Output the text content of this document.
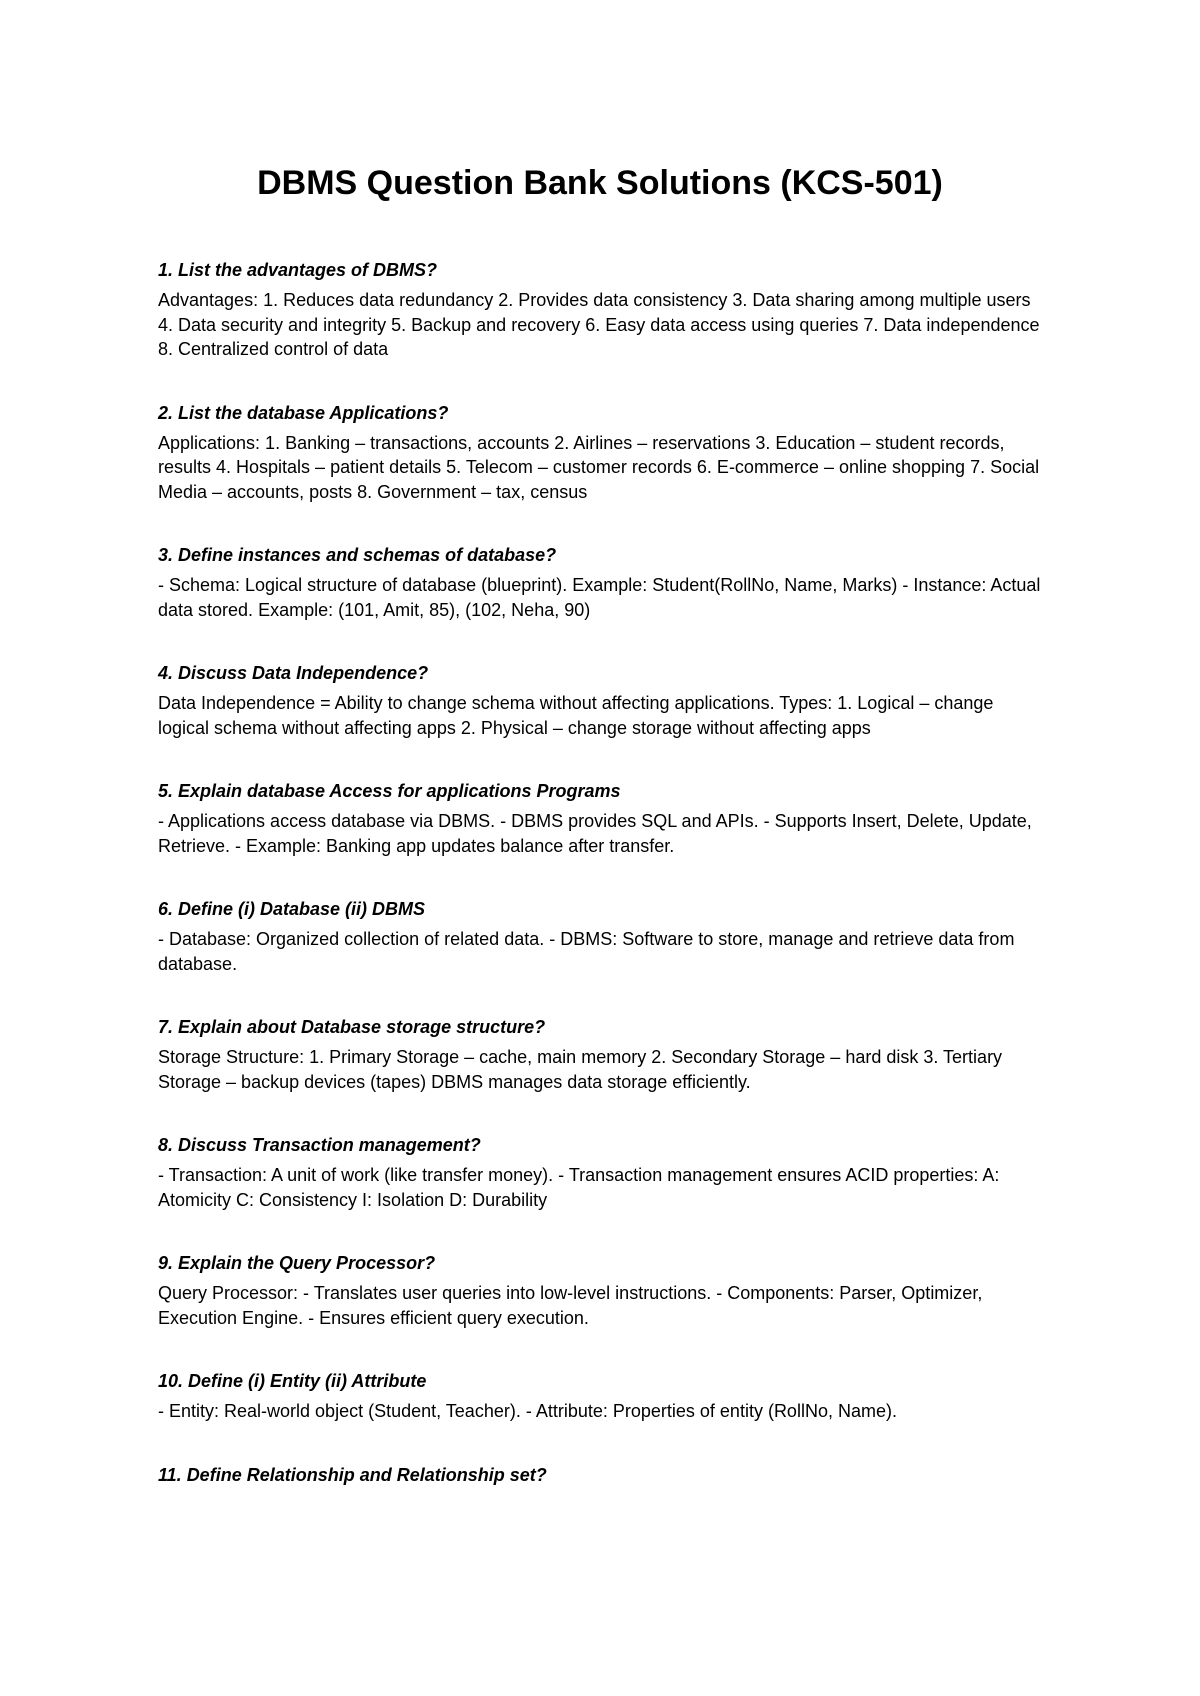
DBMS Question Bank Solutions (KCS-501)
1. List the advantages of DBMS?
Advantages: 1. Reduces data redundancy 2. Provides data consistency 3. Data sharing among multiple users 4. Data security and integrity 5. Backup and recovery 6. Easy data access using queries 7. Data independence 8. Centralized control of data
2. List the database Applications?
Applications: 1. Banking – transactions, accounts 2. Airlines – reservations 3. Education – student records, results 4. Hospitals – patient details 5. Telecom – customer records 6. E-commerce – online shopping 7. Social Media – accounts, posts 8. Government – tax, census
3. Define instances and schemas of database?
- Schema: Logical structure of database (blueprint). Example: Student(RollNo, Name, Marks) - Instance: Actual data stored. Example: (101, Amit, 85), (102, Neha, 90)
4. Discuss Data Independence?
Data Independence = Ability to change schema without affecting applications. Types: 1. Logical – change logical schema without affecting apps 2. Physical – change storage without affecting apps
5. Explain database Access for applications Programs
- Applications access database via DBMS. - DBMS provides SQL and APIs. - Supports Insert, Delete, Update, Retrieve. - Example: Banking app updates balance after transfer.
6. Define (i) Database (ii) DBMS
- Database: Organized collection of related data. - DBMS: Software to store, manage and retrieve data from database.
7. Explain about Database storage structure?
Storage Structure: 1. Primary Storage – cache, main memory 2. Secondary Storage – hard disk 3. Tertiary Storage – backup devices (tapes) DBMS manages data storage efficiently.
8. Discuss Transaction management?
- Transaction: A unit of work (like transfer money). - Transaction management ensures ACID properties: A: Atomicity C: Consistency I: Isolation D: Durability
9. Explain the Query Processor?
Query Processor: - Translates user queries into low-level instructions. - Components: Parser, Optimizer, Execution Engine. - Ensures efficient query execution.
10. Define (i) Entity (ii) Attribute
- Entity: Real-world object (Student, Teacher). - Attribute: Properties of entity (RollNo, Name).
11. Define Relationship and Relationship set?
